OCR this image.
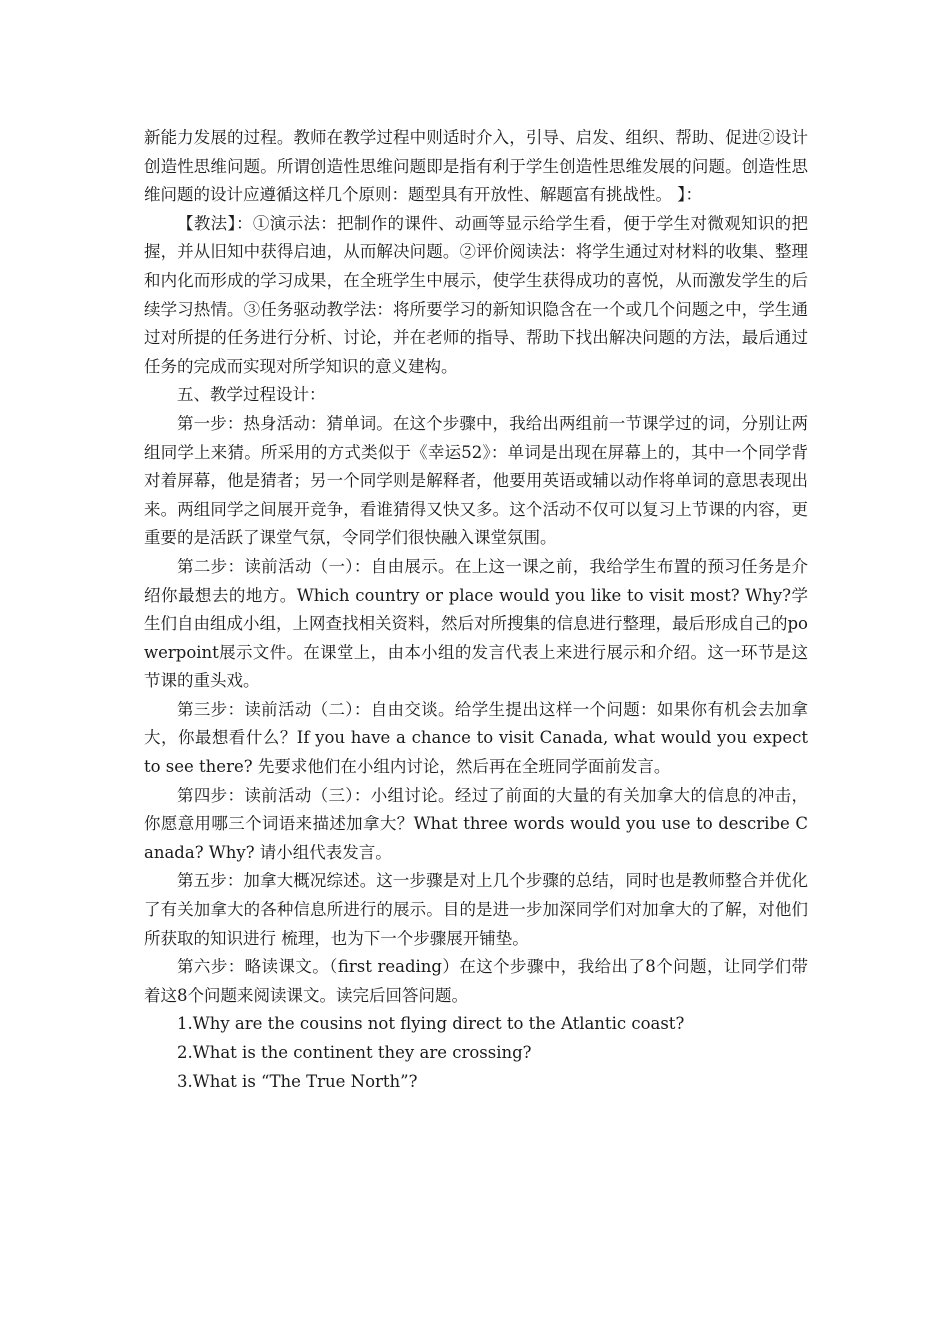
新能力发展的过程。教师在教学过程中则适时介入，引导、启发、组织、帮助、促进②设计创造性思维问题。所谓创造性思维问题即是指有利于学生创造性思维发展的问题。创造性思维问题的设计应遵循这样几个原则：题型具有开放性、解题富有挑战性。 】：

【教法】：①演示法：把制作的课件、动画等显示给学生看，便于学生对微观知识的把握，并从旧知中获得启迪，从而解决问题。②评价阅读法：将学生通过对材料的收集、整理和内化而形成的学习成果，在全班学生中展示，使学生获得成功的喜悦，从而激发学生的后续学习热情。③任务驱动教学法：将所要学习的新知识隐含在一个或几个问题之中，学生通过对所提的任务进行分析、讨论，并在老师的指导、帮助下找出解决问题的方法，最后通过任务的完成而实现对所学知识的意义建构。

五、教学过程设计：

第一步：热身活动：猜单词。在这个步骤中，我给出两组前一节课学过的词，分别让两组同学上来猜。所采用的方式类似于《幸运52》：单词是出现在屏幕上的，其中一个同学背对着屏幕，他是猜者；另一个同学则是解释者，他要用英语或辅以动作将单词的意思表现出来。两组同学之间展开竞争，看谁猜得又快又多。这个活动不仅可以复习上节课的内容，更重要的是活跃了课堂气氛，令同学们很快融入课堂氛围。

第二步：读前活动（一）：自由展示。在上这一课之前，我给学生布置的预习任务是介绍你最想去的地方。Which country or place would you like to visit most? Why?学生们自由组成小组，上网查找相关资料，然后对所搜集的信息进行整理，最后形成自己的powerpoint展示文件。在课堂上，由本小组的发言代表上来进行展示和介绍。这一环节是这节课的重头戏。

第三步：读前活动（二）：自由交谈。给学生提出这样一个问题：如果你有机会去加拿大，你最想看什么？If you have a chance to visit Canada, what would you expect to see there? 先要求他们在小组内讨论，然后再在全班同学面前发言。

第四步：读前活动（三）：小组讨论。经过了前面的大量的有关加拿大的信息的冲击，你愿意用哪三个词语来描述加拿大？What three words would you use to describe Canada? Why? 请小组代表发言。

第五步：加拿大概况综述。这一步骤是对上几个步骤的总结，同时也是教师整合并优化了有关加拿大的各种信息所进行的展示。目的是进一步加深同学们对加拿大的了解，对他们所获取的知识进行 梳理，也为下一个步骤展开铺垫。

第六步：略读课文。（first reading）在这个步骤中，我给出了8个问题，让同学们带着这8个问题来阅读课文。读完后回答问题。

1.Why are the cousins not flying direct to the Atlantic coast?

2.What is the continent they are crossing?

3.What is “The True North”?
